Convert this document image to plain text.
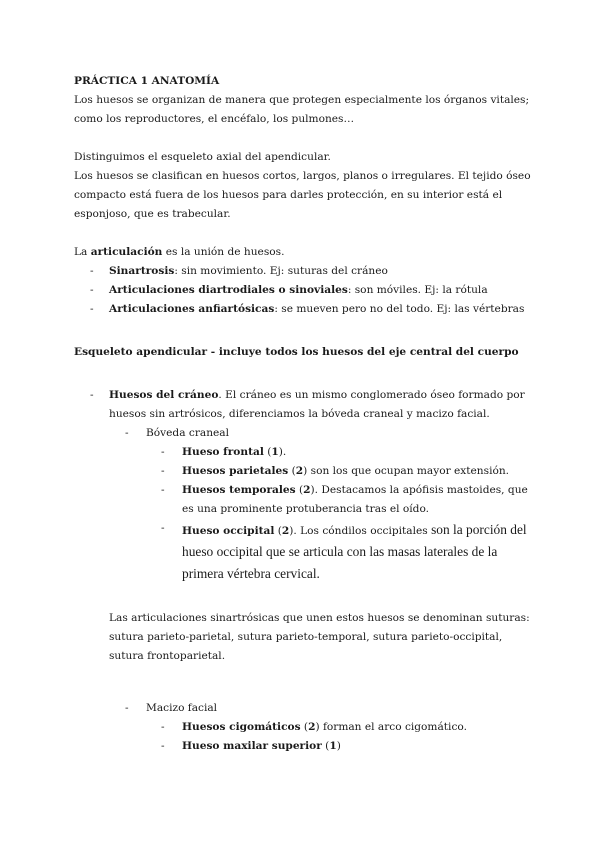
PRÁCTICA 1 ANATOMÍA

Los huesos se organizan de manera que protegen especialmente los órganos vitales; como los reproductores, el encéfalo, los pulmones…

Distinguimos el esqueleto axial del apendicular.

Los huesos se clasifican en huesos cortos, largos, planos o irregulares. El tejido óseo compacto está fuera de los huesos para darles protección, en su interior está el esponjoso, que es trabecular.

La articulación es la unión de huesos.

- Sinartrosis: sin movimiento. Ej: suturas del cráneo
- Articulaciones diartrodiales o sinoviales: son móviles. Ej: la rótula
- Articulaciones anfiartósicas: se mueven pero no del todo. Ej: las vértebras

Esqueleto apendicular - incluye todos los huesos del eje central del cuerpo

- Huesos del cráneo. El cráneo es un mismo conglomerado óseo formado por huesos sin artrósicos, diferenciamos la bóveda craneal y macizo facial.
- Bóveda craneal
- Hueso frontal (1).
- Huesos parietales (2) son los que ocupan mayor extensión.
- Huesos temporales (2). Destacamos la apófisis mastoides, que es una prominente protuberancia tras el oído.
- Hueso occipital (2). Los cóndilos occipitales son la porción del hueso occipital que se articula con las masas laterales de la primera vértebra cervical.

Las articulaciones sinartrósicas que unen estos huesos se denominan suturas: sutura parieto-parietal, sutura parieto-temporal, sutura parieto-occipital, sutura frontoparietal.

- Macizo facial
- Huesos cigomáticos (2) forman el arco cigomático.
- Hueso maxilar superior (1)
